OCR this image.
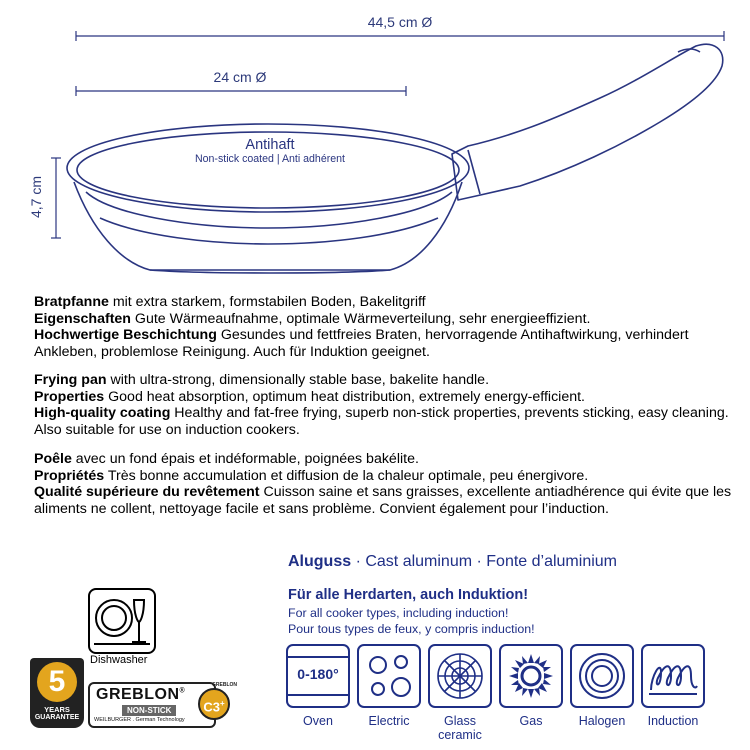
44,5 cm Ø
24 cm Ø
4,7 cm
Antihaft
Non-stick coated | Anti adhérent

Bratpfanne mit extra starkem, formstabilen Boden, Bakelitgriff

Eigenschaften Gute Wärmeaufnahme, optimale Wärmeverteilung, sehr energieeffizient.

Hochwertige Beschichtung Gesundes und fettfreies Braten, hervorragende Antihaftwirkung, verhindert Ankleben, problemlose Reinigung. Auch für Induktion geeignet.

Frying pan with ultra-strong, dimensionally stable base, bakelite handle.

Properties Good heat absorption, optimum heat distribution, extremely energy-efficient.

High-quality coating Healthy and fat-free frying, superb non-stick properties, prevents sticking, easy cleaning. Also suitable for use on induction cookers.

Poêle avec un fond épais et indéformable, poignées bakélite.

Propriétés Très bonne accumulation et diffusion de la chaleur optimale, peu énergivore.

Qualité supérieure du revêtement Cuisson saine et sans graisses, excellente antiadhérence qui évite que les aliments ne collent, nettoyage facile et sans problème. Convient également pour l’induction.

Aluguss · Cast aluminum · Fonte d’aluminium
Für alle Herdarten, auch Induktion!
For all cooker types, including induction!
Pour tous types de feux, y compris induction!
0-180°
Oven	Electric	Glass ceramic
Gas	Halogen	Induction
Dishwasher
5
YEARS
GUARANTEE
GREBLON®
NON-STICK
WEILBURGER . German Technology
C3+
GREBLON
